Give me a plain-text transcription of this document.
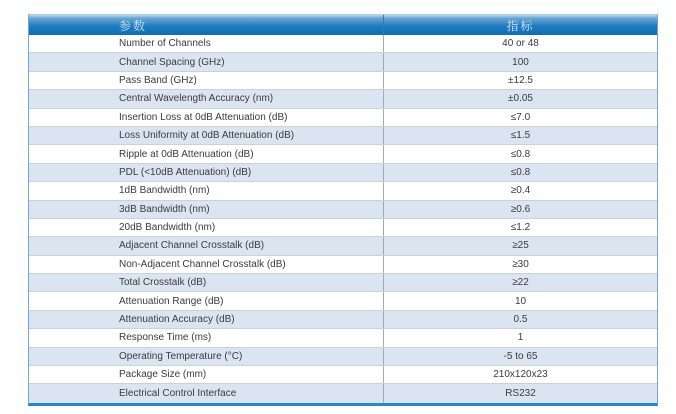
参数	指标
Number of Channels	40 or 48
Channel Spacing (GHz)	100
Pass Band (GHz)	±12.5
Central Wavelength Accuracy (nm)	±0.05
Insertion Loss at 0dB Attenuation (dB)	≤7.0
Loss Uniformity at 0dB Attenuation (dB)	≤1.5
Ripple at 0dB Attenuation (dB)	≤0.8
PDL (<10dB Attenuation) (dB)	≤0.8
1dB Bandwidth (nm)	≥0.4
3dB Bandwidth (nm)	≥0.6
20dB Bandwidth (nm)	≤1.2
Adjacent Channel Crosstalk (dB)	≥25
Non-Adjacent Channel Crosstalk (dB)	≥30
Total Crosstalk (dB)	≥22
Attenuation Range (dB)	10
Attenuation Accuracy (dB)	0.5
Response Time (ms)	1
Operating Temperature (°C)	-5 to 65
Package Size (mm)	210x120x23
Electrical Control Interface	RS232
